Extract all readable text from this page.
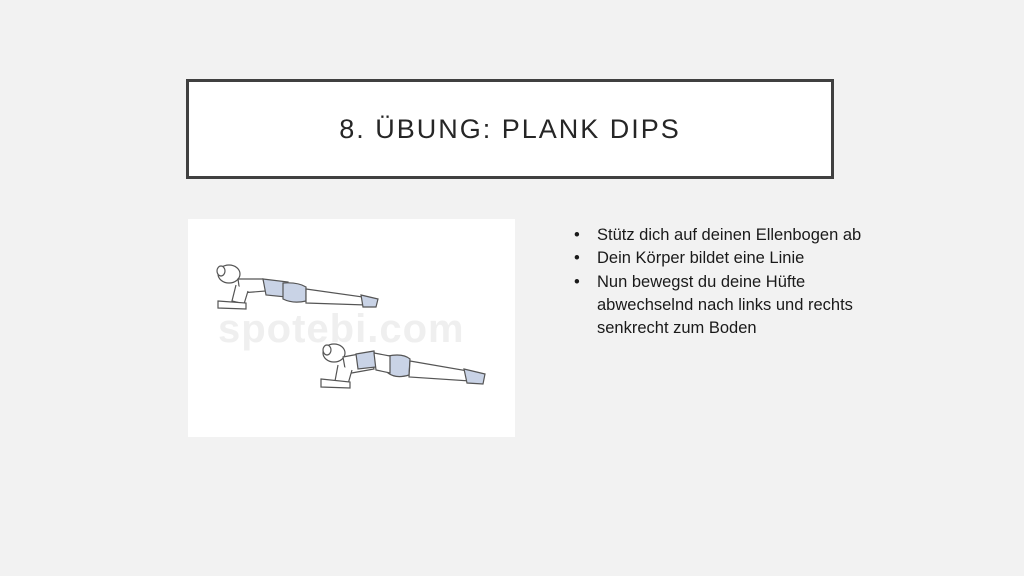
8. ÜBUNG: PLANK DIPS
spotebi.com
• Stütz dich auf deinen Ellenbogen ab
• Dein Körper bildet eine Linie
• Nun bewegst du deine Hüfte abwechselnd nach links und rechts senkrecht zum Boden
